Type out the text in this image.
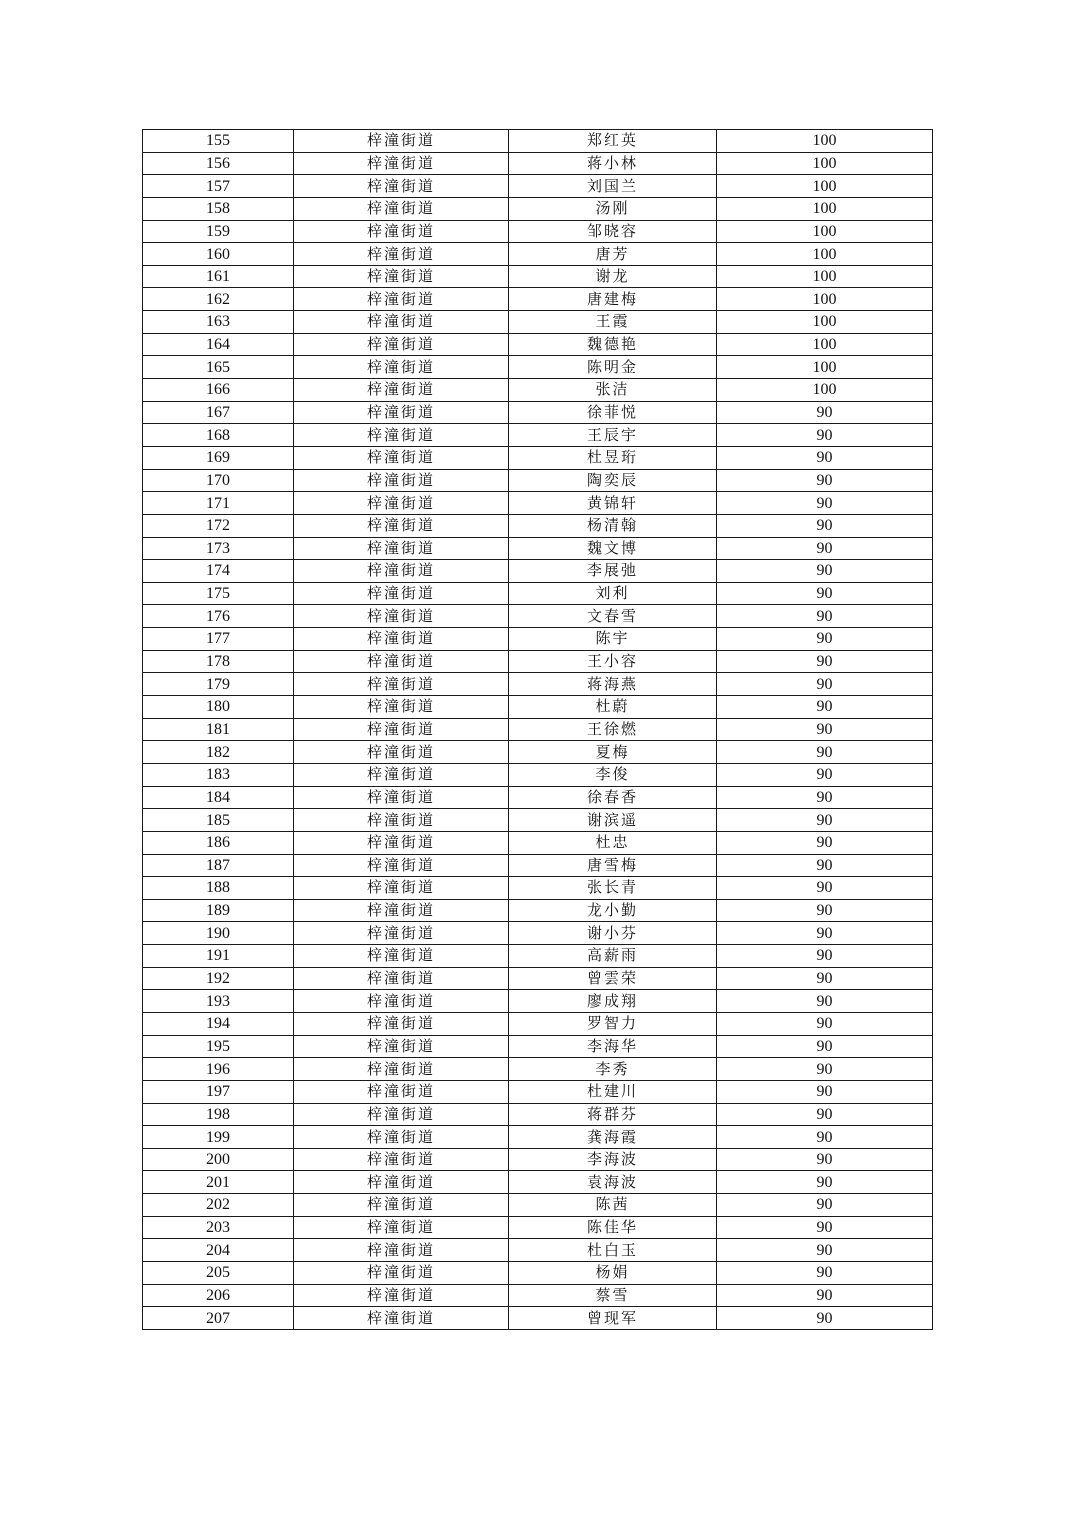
155	梓潼街道	郑红英	100
156	梓潼街道	蒋小林	100
157	梓潼街道	刘国兰	100
158	梓潼街道	汤刚	100
159	梓潼街道	邹晓容	100
160	梓潼街道	唐芳	100
161	梓潼街道	谢龙	100
162	梓潼街道	唐建梅	100
163	梓潼街道	王霞	100
164	梓潼街道	魏德艳	100
165	梓潼街道	陈明金	100
166	梓潼街道	张洁	100
167	梓潼街道	徐菲悦	90
168	梓潼街道	王辰宇	90
169	梓潼街道	杜昱珩	90
170	梓潼街道	陶奕辰	90
171	梓潼街道	黄锦轩	90
172	梓潼街道	杨清翰	90
173	梓潼街道	魏文博	90
174	梓潼街道	李展弛	90
175	梓潼街道	刘利	90
176	梓潼街道	文春雪	90
177	梓潼街道	陈宇	90
178	梓潼街道	王小容	90
179	梓潼街道	蒋海燕	90
180	梓潼街道	杜蔚	90
181	梓潼街道	王徐燃	90
182	梓潼街道	夏梅	90
183	梓潼街道	李俊	90
184	梓潼街道	徐春香	90
185	梓潼街道	谢滨遥	90
186	梓潼街道	杜忠	90
187	梓潼街道	唐雪梅	90
188	梓潼街道	张长青	90
189	梓潼街道	龙小勤	90
190	梓潼街道	谢小芬	90
191	梓潼街道	高薪雨	90
192	梓潼街道	曾雲荣	90
193	梓潼街道	廖成翔	90
194	梓潼街道	罗智力	90
195	梓潼街道	李海华	90
196	梓潼街道	李秀	90
197	梓潼街道	杜建川	90
198	梓潼街道	蒋群芬	90
199	梓潼街道	龚海霞	90
200	梓潼街道	李海波	90
201	梓潼街道	袁海波	90
202	梓潼街道	陈茜	90
203	梓潼街道	陈佳华	90
204	梓潼街道	杜白玉	90
205	梓潼街道	杨娟	90
206	梓潼街道	蔡雪	90
207	梓潼街道	曾现军	90
